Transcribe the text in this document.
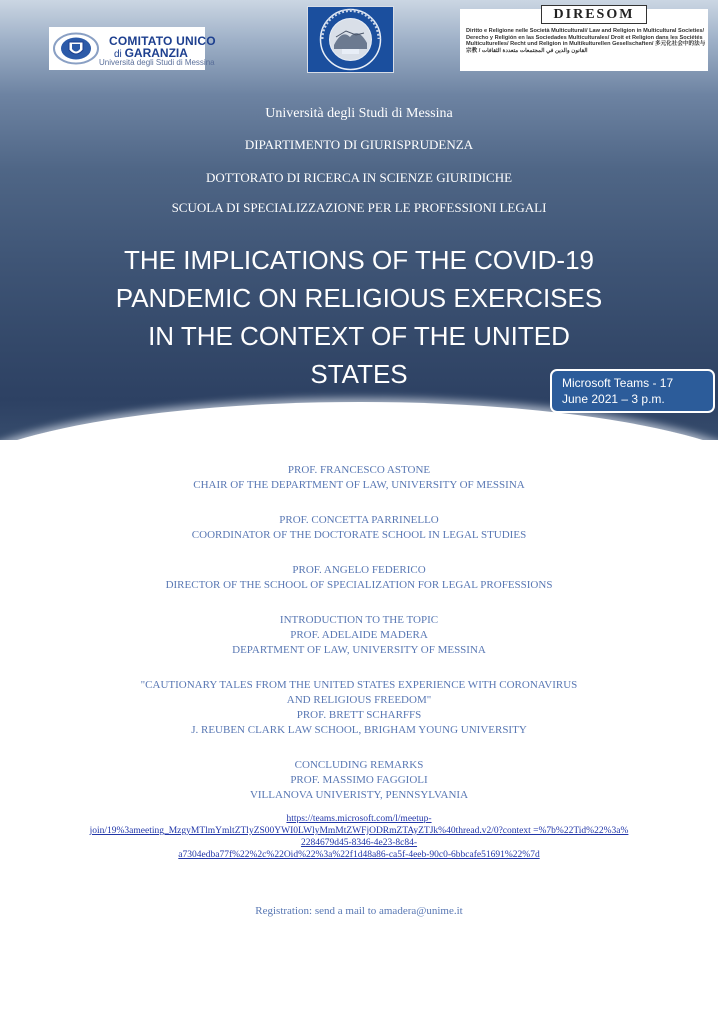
COMITATO UNICO
di GARANZIA
Università degli Studi di Messina
DIRESOM
Diritto e Religione nelle Società Multiculturali/ Law and Religion in Multicultural Societies/ Derecho y Religión en las Sociedades Multiculturales/ Droit et Religion dans les Sociétés Multiculturelles/ Recht und Religion in Multikulturellen Gesellschaften/ 多元化社会中的法与宗教 / القانون والدين في المجتمعات متعددة الثقافات
Università degli Studi di Messina
DIPARTIMENTO DI GIURISPRUDENZA
DOTTORATO DI RICERCA IN SCIENZE GIURIDICHE
SCUOLA DI SPECIALIZZAZIONE PER LE PROFESSIONI LEGALI
THE IMPLICATIONS OF THE COVID-19
PANDEMIC ON RELIGIOUS EXERCISES
IN THE CONTEXT OF THE UNITED
STATES	Microsoft Teams - 17
June 2021 – 3 p.m.
PROF. FRANCESCO ASTONE
CHAIR OF THE DEPARTMENT OF LAW, UNIVERSITY OF MESSINA
PROF. CONCETTA PARRINELLO
COORDINATOR OF THE DOCTORATE SCHOOL IN LEGAL STUDIES
PROF. ANGELO FEDERICO
DIRECTOR OF THE SCHOOL OF SPECIALIZATION FOR LEGAL PROFESSIONS
INTRODUCTION TO THE TOPIC
PROF. ADELAIDE MADERA
DEPARTMENT OF LAW, UNIVERSITY OF MESSINA
"CAUTIONARY TALES FROM THE UNITED STATES EXPERIENCE WITH CORONAVIRUS
AND RELIGIOUS FREEDOM"
PROF. BRETT SCHARFFS
J. REUBEN CLARK LAW SCHOOL, BRIGHAM YOUNG UNIVERSITY
CONCLUDING REMARKS
PROF. MASSIMO FAGGIOLI
VILLANOVA UNIVERISTY, PENNSYLVANIA
https://teams.microsoft.com/l/meetup-
join/19%3ameeting_MzgyMTlmYmltZTlyZS00YWI0LWlyMmMtZWFjODRmZTAyZTJk%40thread.v2/0?context =%7b%22Tid%22%3a%
2284679d45-8346-4e23-8c84-
a7304edba77f%22%2c%22Oid%22%3a%22f1d48a86-ca5f-4eeb-90c0-6bbcafe51691%22%7d
Registration: send a mail to amadera@unime.it
